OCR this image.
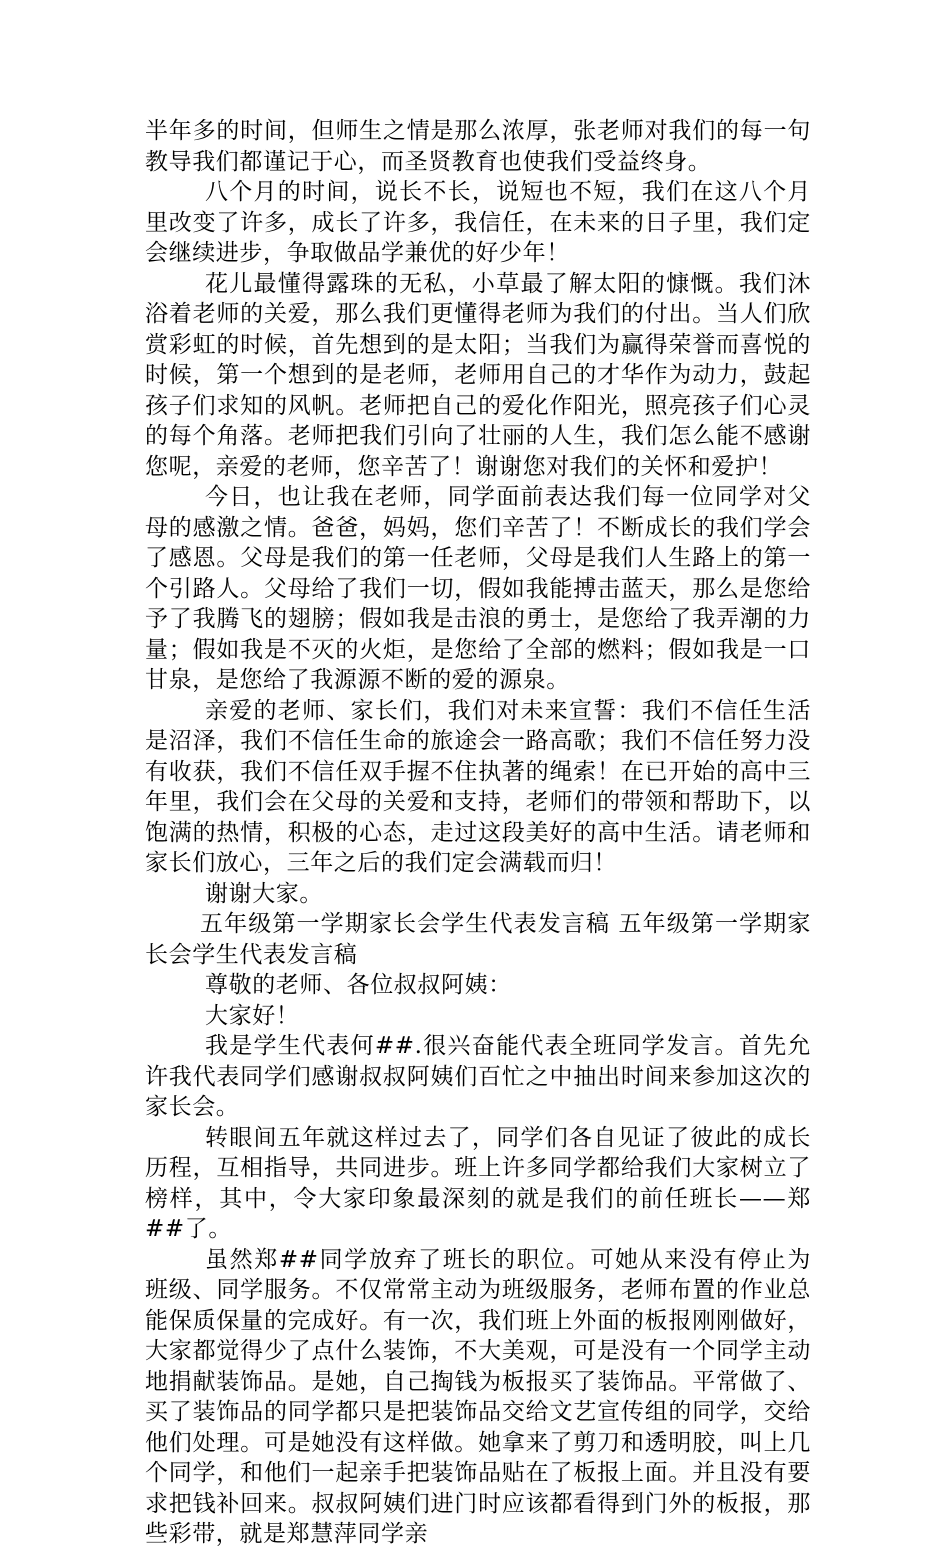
半年多的时间，但师生之情是那么浓厚，张老师对我们的每一句教导我们都谨记于心，而圣贤教育也使我们受益终身。

八个月的时间，说长不长，说短也不短，我们在这八个月里改变了许多，成长了许多，我信任，在未来的日子里，我们定会继续进步，争取做品学兼优的好少年！

花儿最懂得露珠的无私，小草最了解太阳的慷慨。我们沐浴着老师的关爱，那么我们更懂得老师为我们的付出。当人们欣赏彩虹的时候，首先想到的是太阳；当我们为赢得荣誉而喜悦的时候，第一个想到的是老师，老师用自己的才华作为动力，鼓起孩子们求知的风帆。老师把自己的爱化作阳光，照亮孩子们心灵的每个角落。老师把我们引向了壮丽的人生，我们怎么能不感谢您呢，亲爱的老师，您辛苦了！谢谢您对我们的关怀和爱护！

今日，也让我在老师，同学面前表达我们每一位同学对父母的感激之情。爸爸，妈妈，您们辛苦了！不断成长的我们学会了感恩。父母是我们的第一任老师，父母是我们人生路上的第一个引路人。父母给了我们一切，假如我能搏击蓝天，那么是您给予了我腾飞的翅膀；假如我是击浪的勇士，是您给了我弄潮的力量；假如我是不灭的火炬，是您给了全部的燃料；假如我是一口甘泉，是您给了我源源不断的爱的源泉。

亲爱的老师、家长们，我们对未来宣誓：我们不信任生活是沼泽，我们不信任生命的旅途会一路高歌；我们不信任努力没有收获，我们不信任双手握不住执著的绳索！在已开始的高中三年里，我们会在父母的关爱和支持，老师们的带领和帮助下，以饱满的热情，积极的心态，走过这段美好的高中生活。请老师和家长们放心，三年之后的我们定会满载而归！

谢谢大家。

五年级第一学期家长会学生代表发言稿 五年级第一学期家长会学生代表发言稿

尊敬的老师、各位叔叔阿姨：

大家好！

我是学生代表何##.很兴奋能代表全班同学发言。首先允许我代表同学们感谢叔叔阿姨们百忙之中抽出时间来参加这次的家长会。

转眼间五年就这样过去了，同学们各自见证了彼此的成长历程，互相指导，共同进步。班上许多同学都给我们大家树立了榜样，其中，令大家印象最深刻的就是我们的前任班长——郑##了。

虽然郑##同学放弃了班长的职位。可她从来没有停止为班级、同学服务。不仅常常主动为班级服务，老师布置的作业总能保质保量的完成好。有一次，我们班上外面的板报刚刚做好，大家都觉得少了点什么装饰，不大美观，可是没有一个同学主动地捐献装饰品。是她，自己掏钱为板报买了装饰品。平常做了、买了装饰品的同学都只是把装饰品交给文艺宣传组的同学，交给他们处理。可是她没有这样做。她拿来了剪刀和透明胶，叫上几个同学，和他们一起亲手把装饰品贴在了板报上面。并且没有要求把钱补回来。叔叔阿姨们进门时应该都看得到门外的板报，那些彩带，就是郑慧萍同学亲
